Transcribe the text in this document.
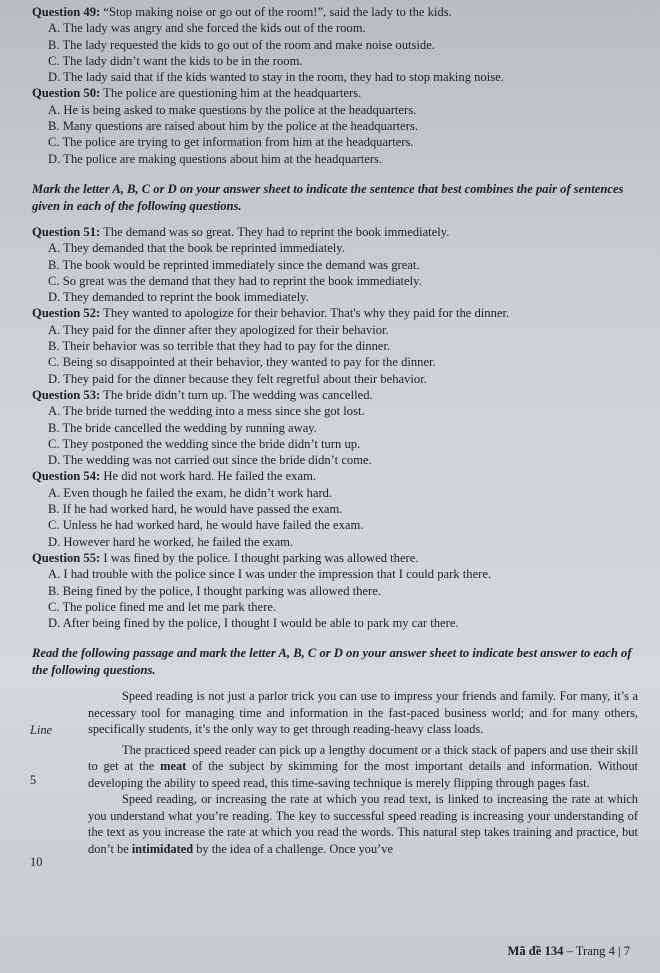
Question 49: “Stop making noise or go out of the room!”, said the lady to the kids.
A. The lady was angry and she forced the kids out of the room.
B. The lady requested the kids to go out of the room and make noise outside.
C. The lady didn’t want the kids to be in the room.
D. The lady said that if the kids wanted to stay in the room, they had to stop making noise.
Question 50: The police are questioning him at the headquarters.
A. He is being asked to make questions by the police at the headquarters.
B. Many questions are raised about him by the police at the headquarters.
C. The police are trying to get information from him at the headquarters.
D. The police are making questions about him at the headquarters.
Mark the letter A, B, C or D on your answer sheet to indicate the sentence that best combines the pair of sentences given in each of the following questions.
Question 51: The demand was so great. They had to reprint the book immediately.
A. They demanded that the book be reprinted immediately.
B. The book would be reprinted immediately since the demand was great.
C. So great was the demand that they had to reprint the book immediately.
D. They demanded to reprint the book immediately.
Question 52: They wanted to apologize for their behavior. That's why they paid for the dinner.
A. They paid for the dinner after they apologized for their behavior.
B. Their behavior was so terrible that they had to pay for the dinner.
C. Being so disappointed at their behavior, they wanted to pay for the dinner.
D. They paid for the dinner because they felt regretful about their behavior.
Question 53: The bride didn’t turn up. The wedding was cancelled.
A. The bride turned the wedding into a mess since she got lost.
B. The bride cancelled the wedding by running away.
C. They postponed the wedding since the bride didn’t turn up.
D. The wedding was not carried out since the bride didn’t come.
Question 54: He did not work hard. He failed the exam.
A. Even though he failed the exam, he didn’t work hard.
B. If he had worked hard, he would have passed the exam.
C. Unless he had worked hard, he would have failed the exam.
D. However hard he worked, he failed the exam.
Question 55: I was fined by the police. I thought parking was allowed there.
A. I had trouble with the police since I was under the impression that I could park there.
B. Being fined by the police, I thought parking was allowed there.
C. The police fined me and let me park there.
D. After being fined by the police, I thought I would be able to park my car there.
Read the following passage and mark the letter A, B, C or D on your answer sheet to indicate best answer to each of the following questions.
Line
5
10
Speed reading is not just a parlor trick you can use to impress your friends and family. For many, it’s a necessary tool for managing time and information in the fast-paced business world; and for many others, specifically students, it’s the only way to get through reading-heavy class loads.
The practiced speed reader can pick up a lengthy document or a thick stack of papers and use their skill to get at the meat of the subject by skimming for the most important details and information. Without developing the ability to speed read, this time-saving technique is merely flipping through pages fast.
Speed reading, or increasing the rate at which you read text, is linked to increasing the rate at which you understand what you’re reading. The key to successful speed reading is increasing your understanding of the text as you increase the rate at which you read the words. This natural step takes training and practice, but don’t be intimidated by the idea of a challenge. Once you’ve
Mã đề 134 – Trang 4 | 7
